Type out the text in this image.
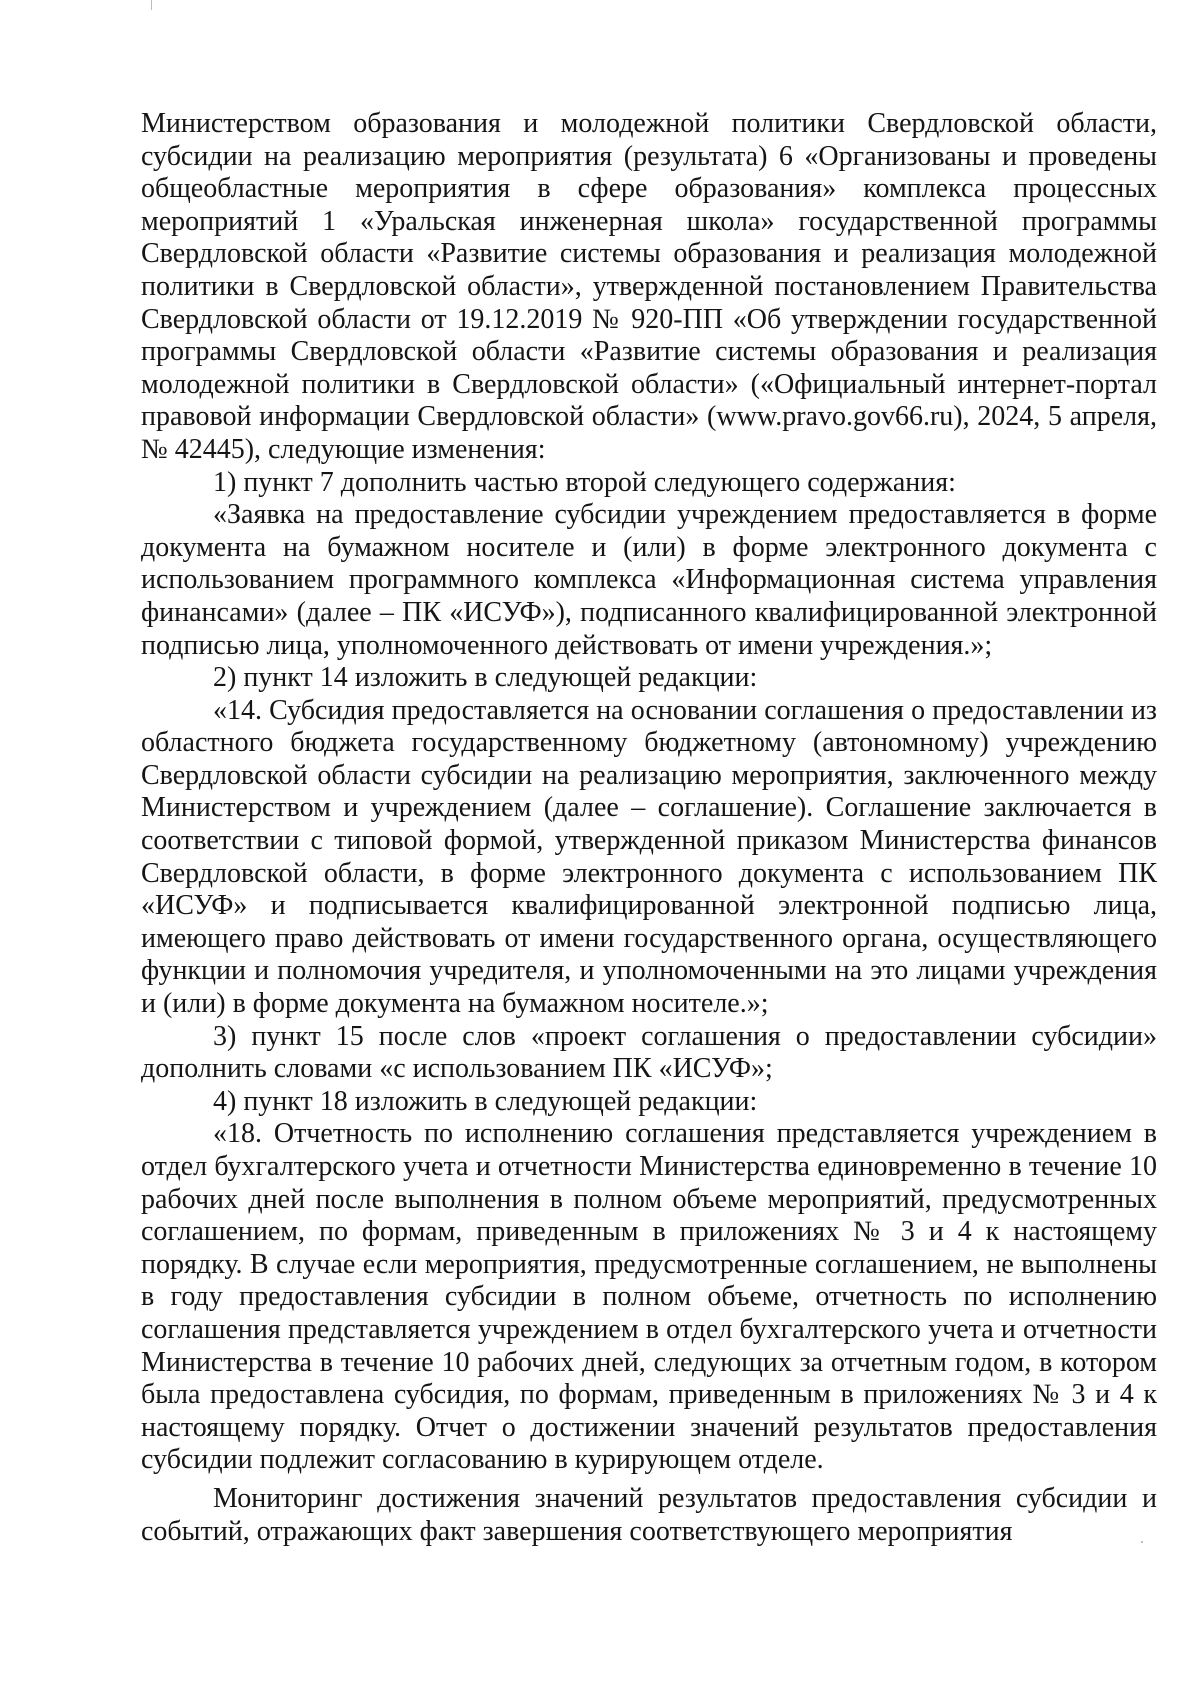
Министерством образования и молодежной политики Свердловской области, субсидии на реализацию мероприятия (результата) 6 «Организованы и проведены общеобластные мероприятия в сфере образования» комплекса процессных мероприятий 1 «Уральская инженерная школа» государственной программы Свердловской области «Развитие системы образования и реализация молодежной политики в Свердловской области», утвержденной постановлением Правительства Свердловской области от 19.12.2019 № 920-ПП «Об утверждении государственной программы Свердловской области «Развитие системы образования и реализация молодежной политики в Свердловской области» («Официальный интернет-портал правовой информации Свердловской области» (www.pravo.gov66.ru), 2024, 5 апреля, № 42445), следующие изменения:

1) пункт 7 дополнить частью второй следующего содержания:

«Заявка на предоставление субсидии учреждением предоставляется в форме документа на бумажном носителе и (или) в форме электронного документа с использованием программного комплекса «Информационная система управления финансами» (далее – ПК «ИСУФ»), подписанного квалифицированной электронной подписью лица, уполномоченного действовать от имени учреждения.»;

2) пункт 14 изложить в следующей редакции:

«14. Субсидия предоставляется на основании соглашения о предоставлении из областного бюджета государственному бюджетному (автономному) учреждению Свердловской области субсидии на реализацию мероприятия, заключенного между Министерством и учреждением (далее – соглашение). Соглашение заключается в соответствии с типовой формой, утвержденной приказом Министерства финансов Свердловской области, в форме электронного документа с использованием ПК «ИСУФ» и подписывается квалифицированной электронной подписью лица, имеющего право действовать от имени государственного органа, осуществляющего функции и полномочия учредителя, и уполномоченными на это лицами учреждения и (или) в форме документа на бумажном носителе.»;

3) пункт 15 после слов «проект соглашения о предоставлении субсидии» дополнить словами «с использованием ПК «ИСУФ»;

4) пункт 18 изложить в следующей редакции:

«18. Отчетность по исполнению соглашения представляется учреждением в отдел бухгалтерского учета и отчетности Министерства единовременно в течение 10 рабочих дней после выполнения в полном объеме мероприятий, предусмотренных соглашением, по формам, приведенным в приложениях № 3 и 4 к настоящему порядку. В случае если мероприятия, предусмотренные соглашением, не выполнены в году предоставления субсидии в полном объеме, отчетность по исполнению соглашения представляется учреждением в отдел бухгалтерского учета и отчетности Министерства в течение 10 рабочих дней, следующих за отчетным годом, в котором была предоставлена субсидия, по формам, приведенным в приложениях № 3 и 4 к настоящему порядку. Отчет о достижении значений результатов предоставления субсидии подлежит согласованию в курирующем отделе.

Мониторинг достижения значений результатов предоставления субсидии и событий, отражающих факт завершения соответствующего мероприятия
